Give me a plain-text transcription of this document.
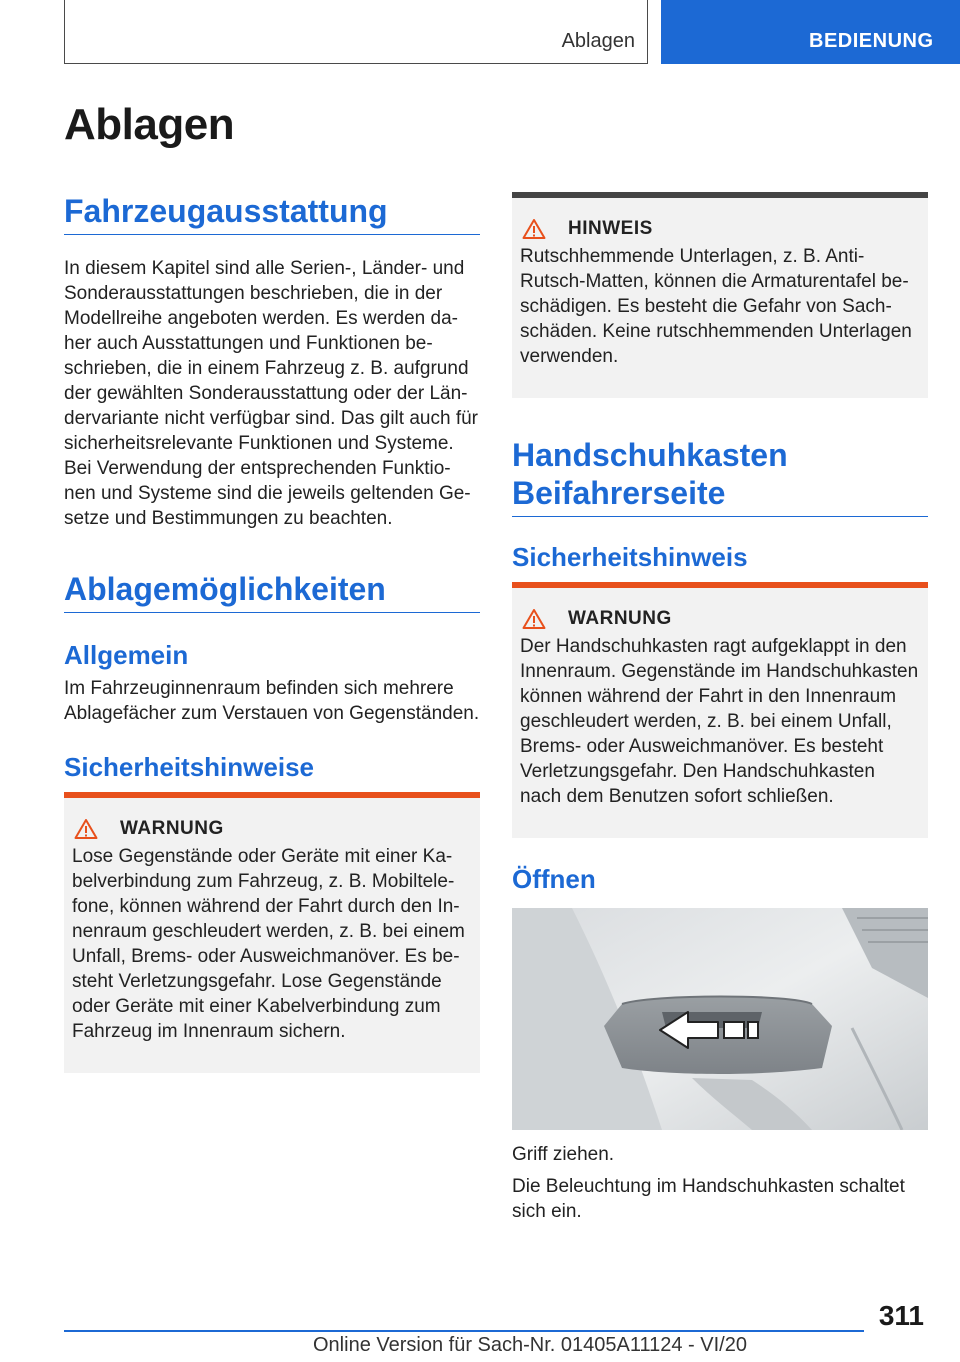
Ablagen	BEDIENUNG
Ablagen
Fahrzeugausstattung

In diesem Kapitel sind alle Serien-, Länder- und Sonderausstattungen beschrieben, die in der Modellreihe angeboten werden. Es werden da-her auch Ausstattungen und Funktionen be-schrieben, die in einem Fahrzeug z. B. aufgrund der gewählten Sonderausstattung oder der Län-dervariante nicht verfügbar sind. Das gilt auch für sicherheitsrelevante Funktionen und Systeme. Bei Verwendung der entsprechenden Funktio-nen und Systeme sind die jeweils geltenden Ge-setze und Bestimmungen zu beachten.

Ablagemöglichkeiten
Allgemein

Im Fahrzeuginnenraum befinden sich mehrere Ablagefächer zum Verstauen von Gegenständen.

Sicherheitshinweise
WARNUNG

Lose Gegenstände oder Geräte mit einer Ka-belverbindung zum Fahrzeug, z. B. Mobiltele-fone, können während der Fahrt durch den In-nenraum geschleudert werden, z. B. bei einem Unfall, Brems- oder Ausweichmanöver. Es be-steht Verletzungsgefahr. Lose Gegenstände oder Geräte mit einer Kabelverbindung zum Fahrzeug im Innenraum sichern.

HINWEIS

Rutschhemmende Unterlagen, z. B. Anti-Rutsch-Matten, können die Armaturentafel be-schädigen. Es besteht die Gefahr von Sach-schäden. Keine rutschhemmenden Unterlagen verwenden.

Handschuhkasten Beifahrerseite
Sicherheitshinweis
WARNUNG

Der Handschuhkasten ragt aufgeklappt in den Innenraum. Gegenstände im Handschuhkasten können während der Fahrt in den Innenraum geschleudert werden, z. B. bei einem Unfall, Brems- oder Ausweichmanöver. Es besteht Verletzungsgefahr. Den Handschuhkasten nach dem Benutzen sofort schließen.

Öffnen

Griff ziehen.

Die Beleuchtung im Handschuhkasten schaltet sich ein.

311
Online Version für Sach-Nr. 01405A11124 - VI/20
